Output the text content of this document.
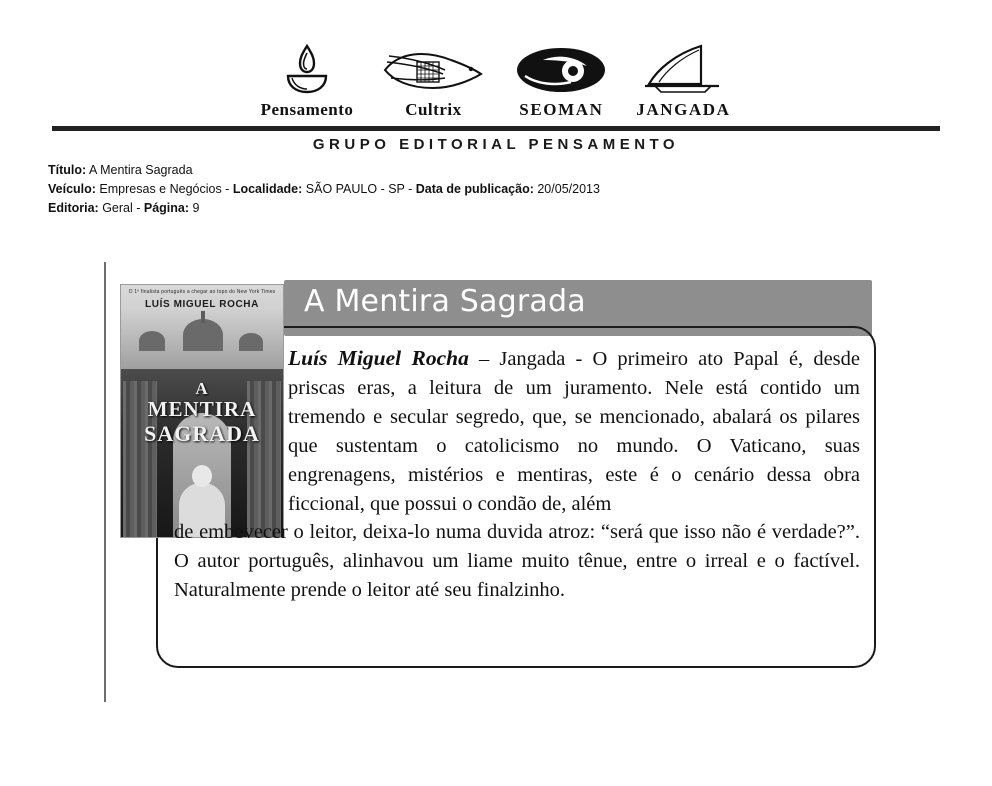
Pensamento	Cultrix	SEOMAN JANGADA
GRUPO EDITORIAL PENSAMENTO
Título: A Mentira Sagrada
Veículo: Empresas e Negócios - Localidade: SÃO PAULO - SP - Data de publicação: 20/05/2013
Editoria: Geral - Página: 9
A Mentira Sagrada
O 1º finalista português a chegar ao topo do New York Times
LUÍS MIGUEL ROCHA
A
MENTIRA
SAGRADA
Luís Miguel Rocha – Jangada - O primeiro ato Papal é, desde priscas eras, a leitura de um juramento. Nele está contido um tremendo e secular segredo, que, se mencionado, abalará os pilares que sustentam o catolicismo no mundo. O Vaticano, suas engrenagens, mistérios e mentiras, este é o cenário dessa obra ficcional, que possui o condão de, além
de embevecer o leitor, deixa-lo numa duvida atroz: “será que isso não é verdade?”. O autor português, alinhavou um liame muito tênue, entre o irreal e o factível. Naturalmente prende o leitor até seu finalzinho.
